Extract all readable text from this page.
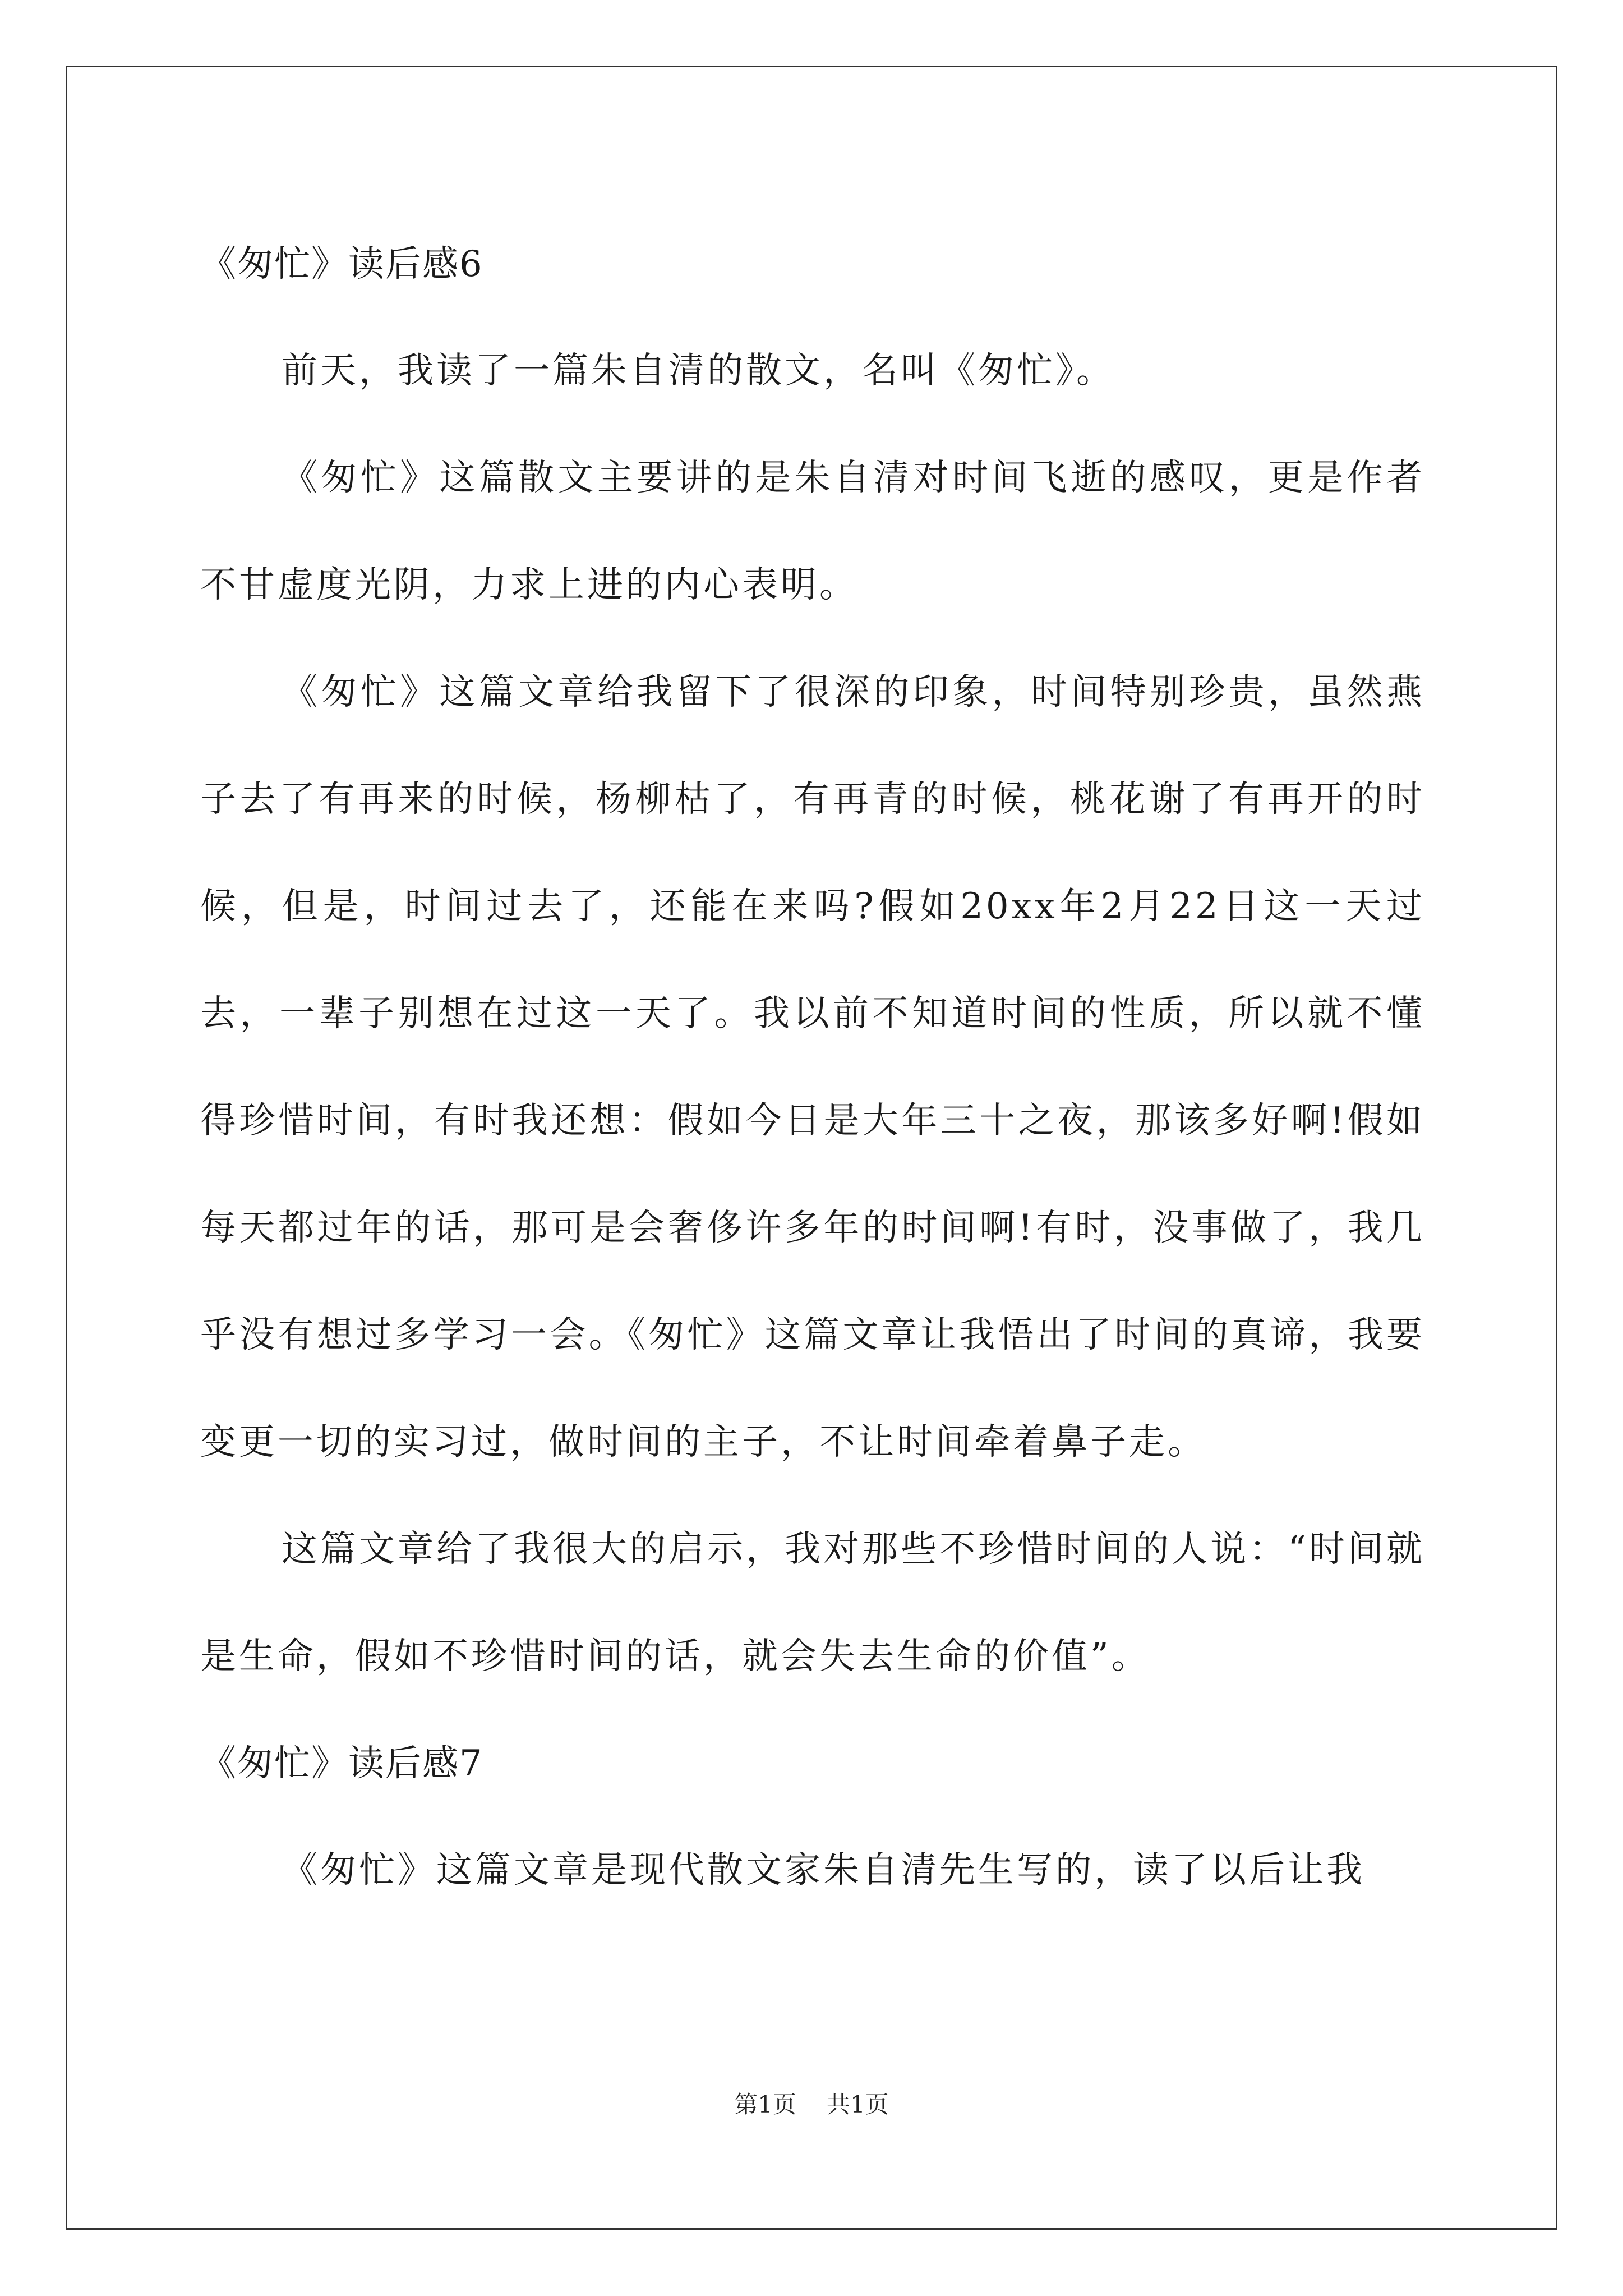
《匆忙》读后感6

前天，我读了一篇朱自清的散文，名叫《匆忙》。

《匆忙》这篇散文主要讲的是朱自清对时间飞逝的感叹，更是作者不甘虚度光阴，力求上进的内心表明。

《匆忙》这篇文章给我留下了很深的印象，时间特别珍贵，虽然燕子去了有再来的时候，杨柳枯了，有再青的时候，桃花谢了有再开的时候，但是，时间过去了，还能在来吗?假如20xx年2月22日这一天过去，一辈子别想在过这一天了。我以前不知道时间的性质，所以就不懂得珍惜时间，有时我还想：假如今日是大年三十之夜，那该多好啊!假如每天都过年的话，那可是会奢侈许多年的时间啊!有时，没事做了，我几乎没有想过多学习一会。《匆忙》这篇文章让我悟出了时间的真谛，我要变更一切的实习过，做时间的主子，不让时间牵着鼻子走。

这篇文章给了我很大的启示，我对那些不珍惜时间的人说：“时间就是生命，假如不珍惜时间的话，就会失去生命的价值”。

《匆忙》读后感7

《匆忙》这篇文章是现代散文家朱自清先生写的，读了以后让我

第1页 共1页
